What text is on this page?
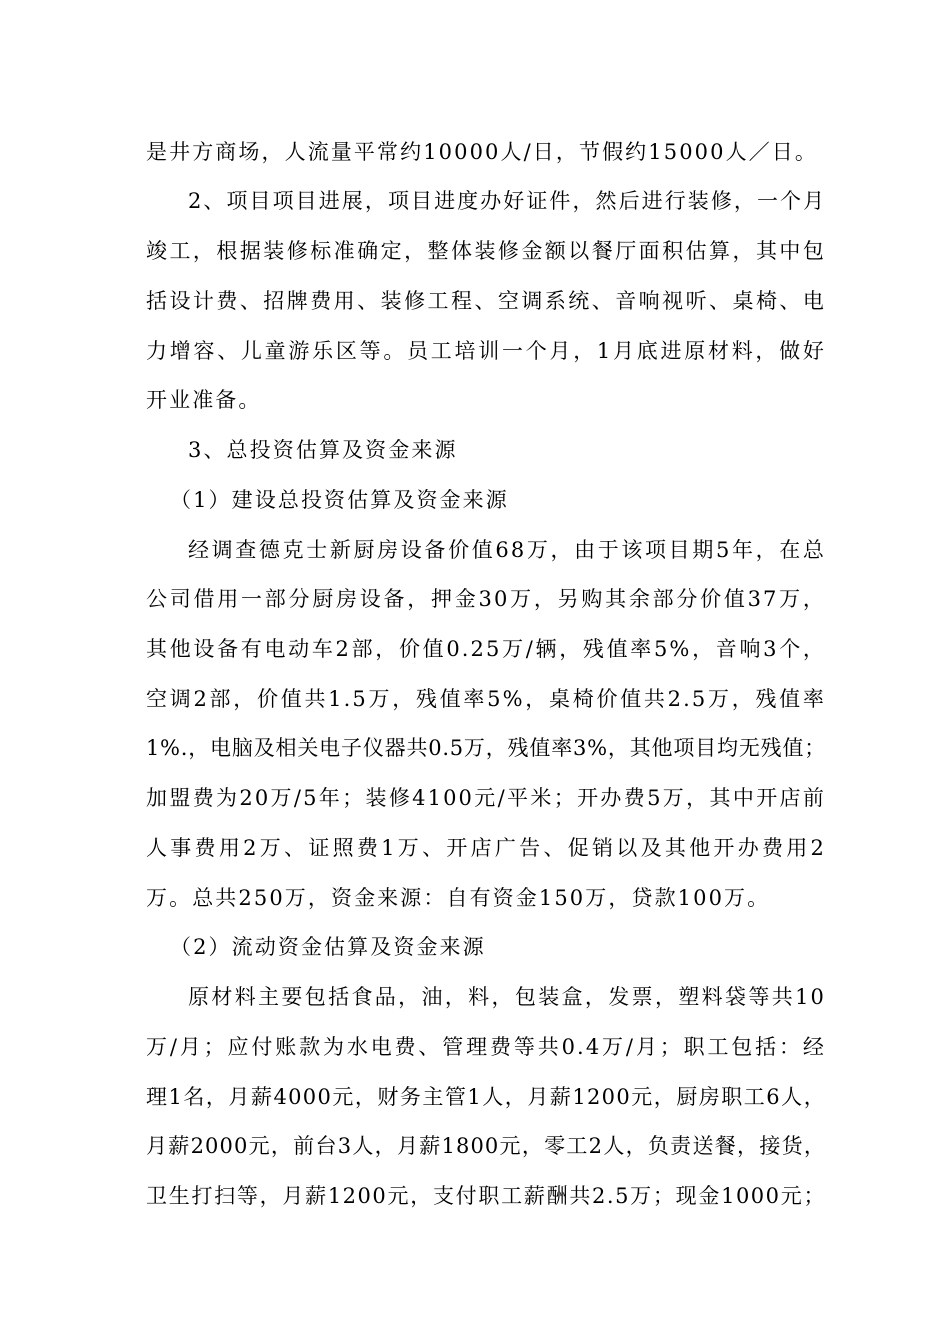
是井方商场，人流量平常约10000人/日，节假约15000人／日。
2、项目项目进展，项目进度办好证件，然后进行装修，一个月
竣工，根据装修标准确定，整体装修金额以餐厅面积估算，其中包
括设计费、招牌费用、装修工程、空调系统、音响视听、桌椅、电
力增容、儿童游乐区等。员工培训一个月，1月底进原材料，做好
开业准备。
3、总投资估算及资金来源
（1）建设总投资估算及资金来源
经调查德克士新厨房设备价值68万，由于该项目期5年，在总
公司借用一部分厨房设备，押金30万，另购其余部分价值37万，
其他设备有电动车2部，价值0.25万/辆，残值率5%，音响3个，
空调2部，价值共1.5万，残值率5%，桌椅价值共2.5万，残值率
1%.，电脑及相关电子仪器共0.5万，残值率3%，其他项目均无残值；
加盟费为20万/5年；装修4100元/平米；开办费5万，其中开店前
人事费用2万、证照费1万、开店广告、促销以及其他开办费用2
万。总共250万，资金来源：自有资金150万，贷款100万。
（2）流动资金估算及资金来源
原材料主要包括食品，油，料，包装盒，发票，塑料袋等共10
万/月；应付账款为水电费、管理费等共0.4万/月；职工包括：经
理1名，月薪4000元，财务主管1人，月薪1200元，厨房职工6人，
月薪2000元，前台3人，月薪1800元，零工2人，负责送餐，接货，
卫生打扫等，月薪1200元，支付职工薪酬共2.5万；现金1000元；
